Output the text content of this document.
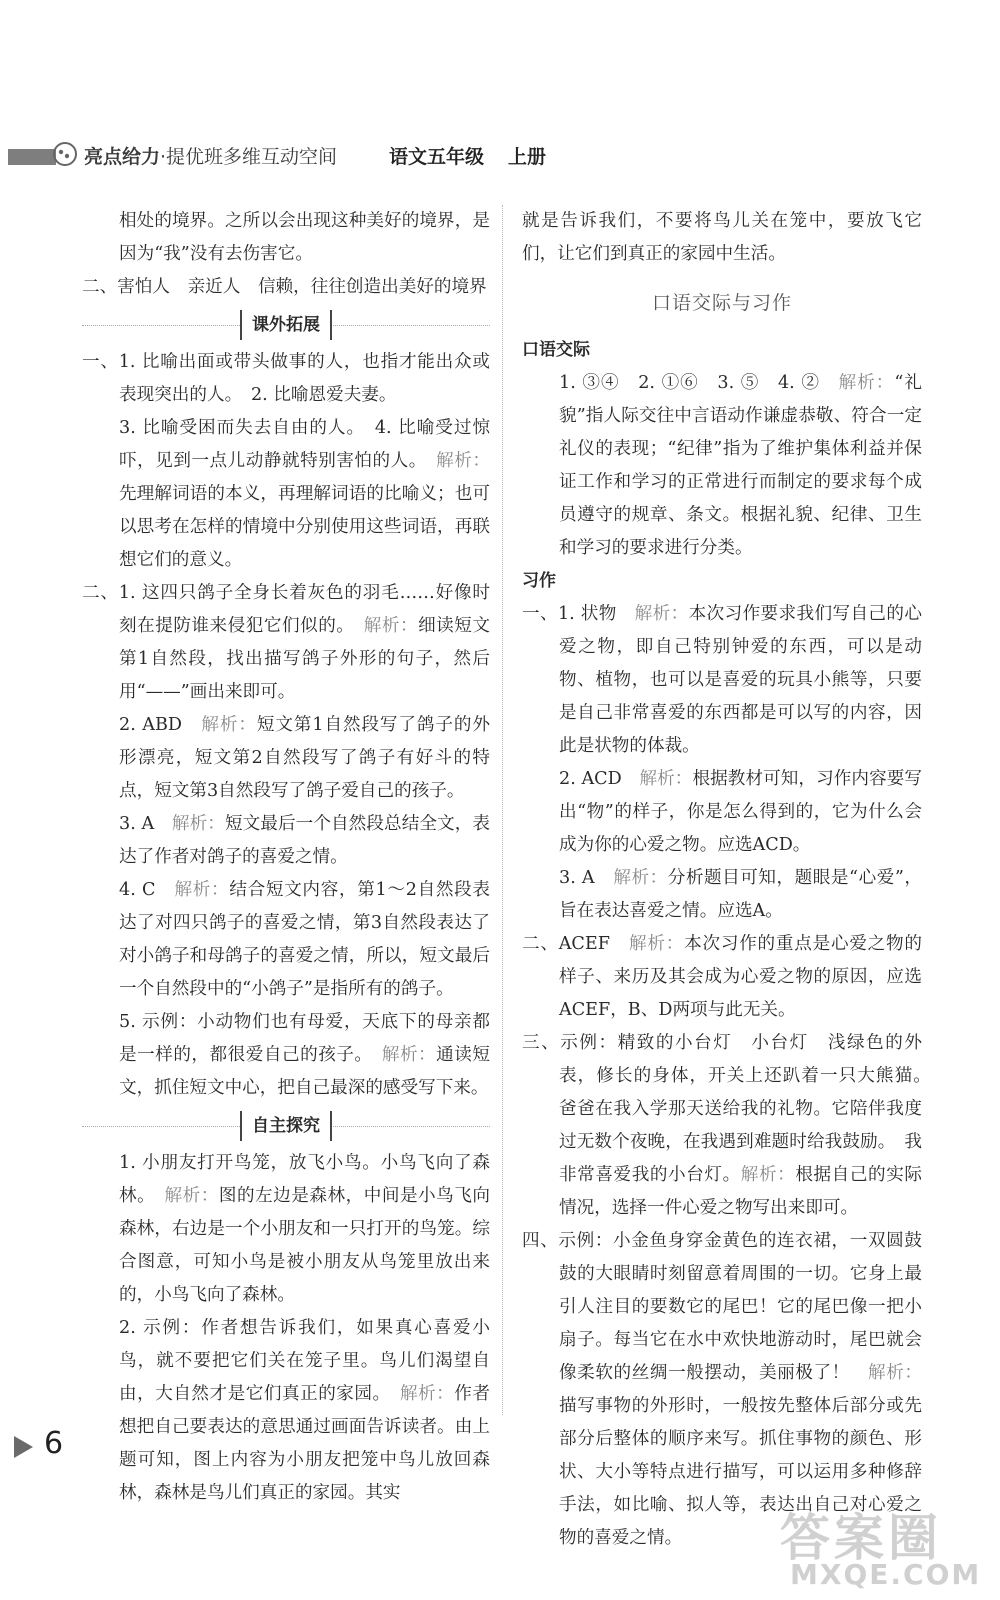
亮点给力·提优班多维互动空间	语文五年级 上册
相处的境界。之所以会出现这种美好的境界，是因为“我”没有去伤害它。
二、害怕人　亲近人　信赖，往往创造出美好的境界
课外拓展
一、1. 比喻出面或带头做事的人，也指才能出众或表现突出的人。　2. 比喻恩爱夫妻。
3. 比喻受困而失去自由的人。　4. 比喻受过惊吓，见到一点儿动静就特别害怕的人。　解析：先理解词语的本义，再理解词语的比喻义；也可以思考在怎样的情境中分别使用这些词语，再联想它们的意义。
二、1. 这四只鸽子全身长着灰色的羽毛……好像时刻在提防谁来侵犯它们似的。　解析：细读短文第1自然段，找出描写鸽子外形的句子，然后用“——”画出来即可。
2. ABD　解析：短文第1自然段写了鸽子的外形漂亮，短文第2自然段写了鸽子有好斗的特点，短文第3自然段写了鸽子爱自己的孩子。
3. A　解析：短文最后一个自然段总结全文，表达了作者对鸽子的喜爱之情。
4. C　解析：结合短文内容，第1～2自然段表达了对四只鸽子的喜爱之情，第3自然段表达了对小鸽子和母鸽子的喜爱之情，所以，短文最后一个自然段中的“小鸽子”是指所有的鸽子。
5. 示例：小动物们也有母爱，天底下的母亲都是一样的，都很爱自己的孩子。　解析：通读短文，抓住短文中心，把自己最深的感受写下来。
自主探究
1. 小朋友打开鸟笼，放飞小鸟。小鸟飞向了森林。　解析：图的左边是森林，中间是小鸟飞向森林，右边是一个小朋友和一只打开的鸟笼。综合图意，可知小鸟是被小朋友从鸟笼里放出来的，小鸟飞向了森林。
2. 示例：作者想告诉我们，如果真心喜爱小鸟，就不要把它们关在笼子里。鸟儿们渴望自由，大自然才是它们真正的家园。　解析：作者想把自己要表达的意思通过画面告诉读者。由上题可知，图上内容为小朋友把笼中鸟儿放回森林，森林是鸟儿们真正的家园。其实
就是告诉我们，不要将鸟儿关在笼中，要放飞它们，让它们到真正的家园中生活。
口语交际与习作
口语交际
1. ③④　2. ①⑥　3. ⑤　4. ②　解析：“礼貌”指人际交往中言语动作谦虚恭敬、符合一定礼仪的表现；“纪律”指为了维护集体利益并保证工作和学习的正常进行而制定的要求每个成员遵守的规章、条文。根据礼貌、纪律、卫生和学习的要求进行分类。
习作
一、1. 状物　解析：本次习作要求我们写自己的心爱之物，即自己特别钟爱的东西，可以是动物、植物，也可以是喜爱的玩具小熊等，只要是自己非常喜爱的东西都是可以写的内容，因此是状物的体裁。
2. ACD　解析：根据教材可知，习作内容要写出“物”的样子，你是怎么得到的，它为什么会成为你的心爱之物。应选ACD。
3. A　解析：分析题目可知，题眼是“心爱”，旨在表达喜爱之情。应选A。
二、ACEF　解析：本次习作的重点是心爱之物的样子、来历及其会成为心爱之物的原因，应选ACEF，B、D两项与此无关。
三、示例：精致的小台灯　小台灯　浅绿色的外表，修长的身体，开关上还趴着一只大熊猫。　爸爸在我入学那天送给我的礼物。它陪伴我度过无数个夜晚，在我遇到难题时给我鼓励。　我非常喜爱我的小台灯。解析：根据自己的实际情况，选择一件心爱之物写出来即可。
四、示例：小金鱼身穿金黄色的连衣裙，一双圆鼓鼓的大眼睛时刻留意着周围的一切。它身上最引人注目的要数它的尾巴！它的尾巴像一把小扇子。每当它在水中欢快地游动时，尾巴就会像柔软的丝绸一般摆动，美丽极了！　解析：描写事物的外形时，一般按先整体后部分或先部分后整体的顺序来写。抓住事物的颜色、形状、大小等特点进行描写，可以运用多种修辞手法，如比喻、拟人等，表达出自己对心爱之物的喜爱之情。
6
答案圈
MXQE.COM
